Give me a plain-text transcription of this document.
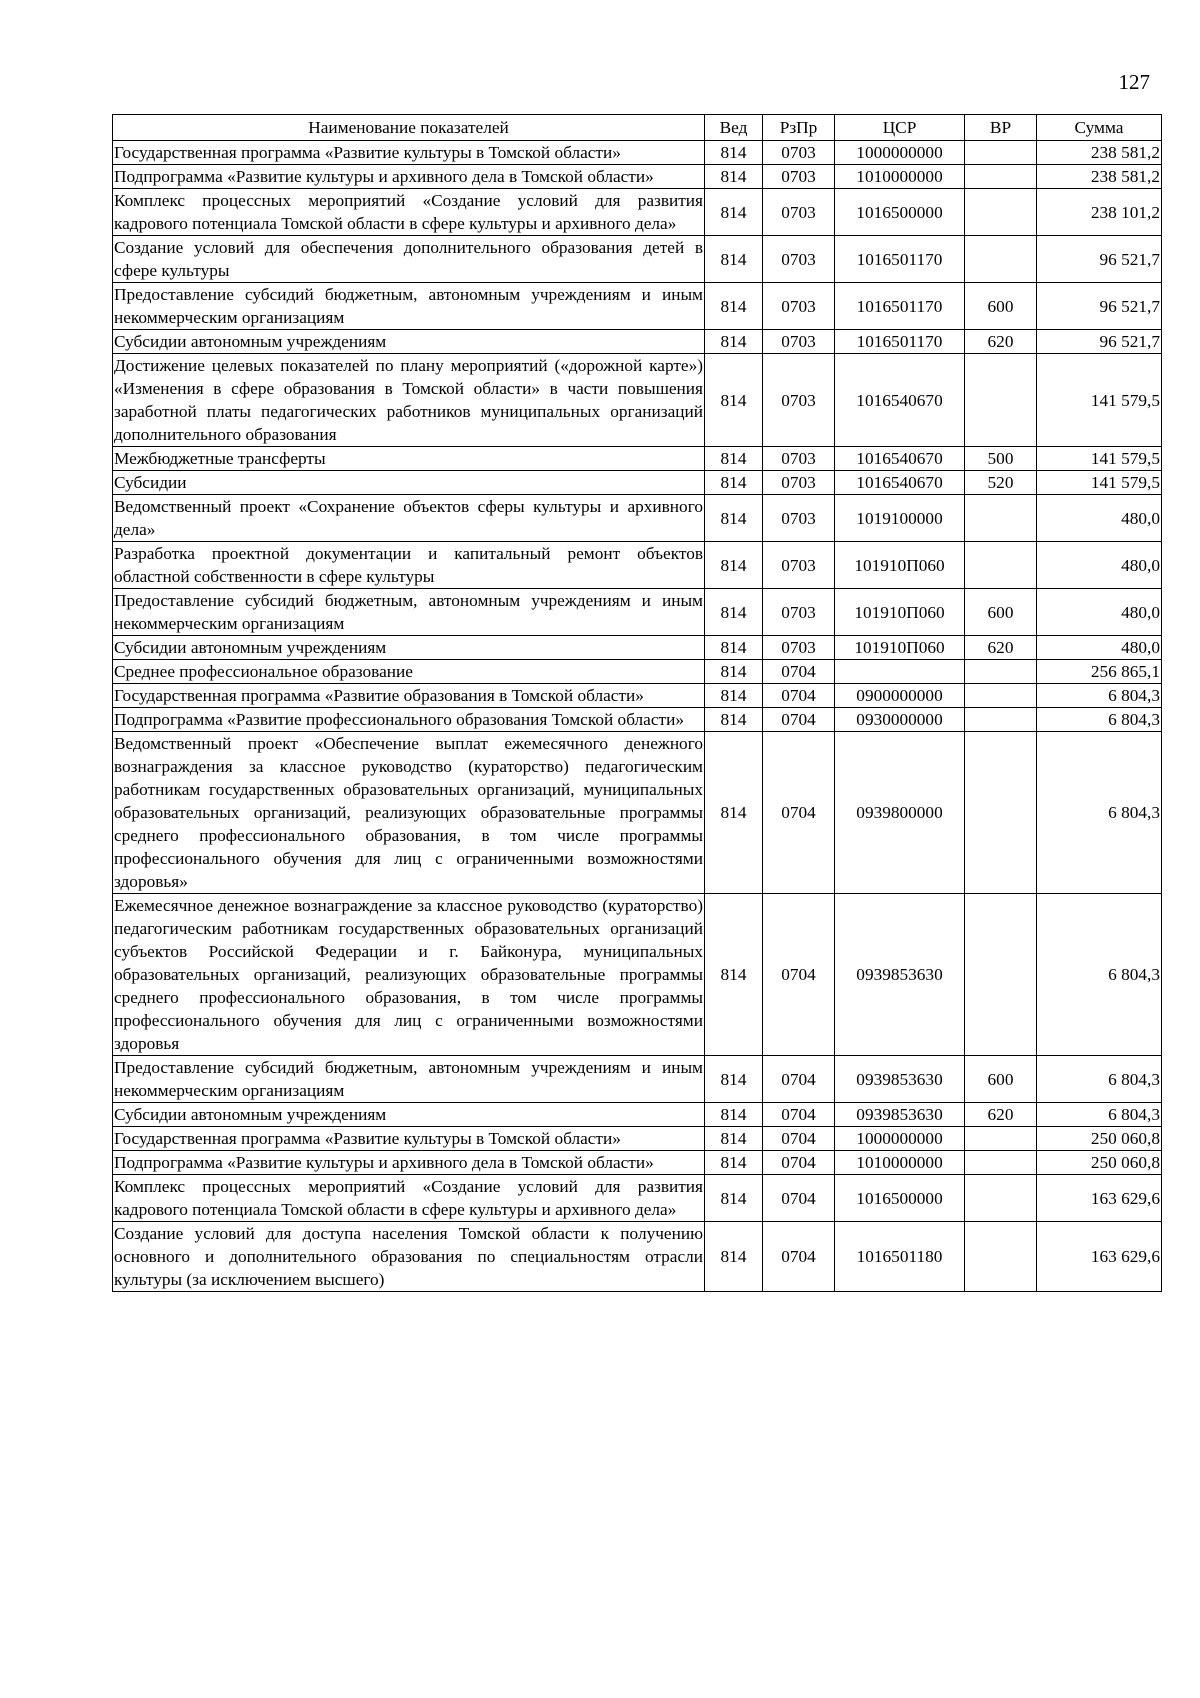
127
Наименование показателей	Вед	РзПр	ЦСР	ВР	Сумма
Государственная программа «Развитие культуры в Томской области»	814	0703	1000000000		238 581,2
Подпрограмма «Развитие культуры и архивного дела в Томской области»	814	0703	1010000000		238 581,2
Комплекс процессных мероприятий «Создание условий для развития кадрового потенциала Томской области в сфере культуры и архивного дела»	814	0703	1016500000		238 101,2
Создание условий для обеспечения дополнительного образования детей в сфере культуры	814	0703	1016501170		96 521,7
Предоставление субсидий бюджетным, автономным учреждениям и иным некоммерческим организациям	814	0703	1016501170	600	96 521,7
Субсидии автономным учреждениям	814	0703	1016501170	620	96 521,7
Достижение целевых показателей по плану мероприятий («дорожной карте») «Изменения в сфере образования в Томской области» в части повышения заработной платы педагогических работников муниципальных организаций дополнительного образования	814	0703	1016540670		141 579,5
Межбюджетные трансферты	814	0703	1016540670	500	141 579,5
Субсидии	814	0703	1016540670	520	141 579,5
Ведомственный проект «Сохранение объектов сферы культуры и архивного дела»	814	0703	1019100000		480,0
Разработка проектной документации и капитальный ремонт объектов областной собственности в сфере культуры	814	0703	101910П060		480,0
Предоставление субсидий бюджетным, автономным учреждениям и иным некоммерческим организациям	814	0703	101910П060	600	480,0
Субсидии автономным учреждениям	814	0703	101910П060	620	480,0
Среднее профессиональное образование	814	0704			256 865,1
Государственная программа «Развитие образования в Томской области»	814	0704	0900000000		6 804,3
Подпрограмма «Развитие профессионального образования Томской области»	814	0704	0930000000		6 804,3
Ведомственный проект «Обеспечение выплат ежемесячного денежного вознаграждения за классное руководство (кураторство) педагогическим работникам государственных образовательных организаций, муниципальных образовательных организаций, реализующих образовательные программы среднего профессионального образования, в том числе программы профессионального обучения для лиц с ограниченными возможностями здоровья»	814	0704	0939800000		6 804,3
Ежемесячное денежное вознаграждение за классное руководство (кураторство) педагогическим работникам государственных образовательных организаций субъектов Российской Федерации и г. Байконура, муниципальных образовательных организаций, реализующих образовательные программы среднего профессионального образования, в том числе программы профессионального обучения для лиц с ограниченными возможностями здоровья	814	0704	0939853630		6 804,3
Предоставление субсидий бюджетным, автономным учреждениям и иным некоммерческим организациям	814	0704	0939853630	600	6 804,3
Субсидии автономным учреждениям	814	0704	0939853630	620	6 804,3
Государственная программа «Развитие культуры в Томской области»	814	0704	1000000000		250 060,8
Подпрограмма «Развитие культуры и архивного дела в Томской области»	814	0704	1010000000		250 060,8
Комплекс процессных мероприятий «Создание условий для развития кадрового потенциала Томской области в сфере культуры и архивного дела»	814	0704	1016500000		163 629,6
Создание условий для доступа населения Томской области к получению основного и дополнительного образования по специальностям отрасли культуры (за исключением высшего)	814	0704	1016501180		163 629,6
